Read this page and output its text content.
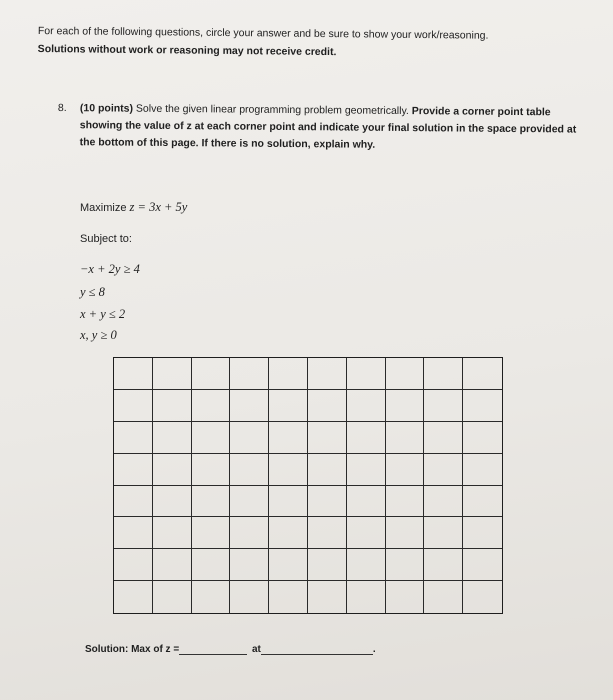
For each of the following questions, circle your answer and be sure to show your work/reasoning.
Solutions without work or reasoning may not receive credit.
8. (10 points) Solve the given linear programming problem geometrically. Provide a corner point table showing the value of z at each corner point and indicate your final solution in the space provided at the bottom of this page. If there is no solution, explain why.
Maximize z = 3x + 5y
Subject to:
−x + 2y ≥ 4
y ≤ 8
x + y ≤ 2
x, y ≥ 0
Solution: Max of z =	at	.
